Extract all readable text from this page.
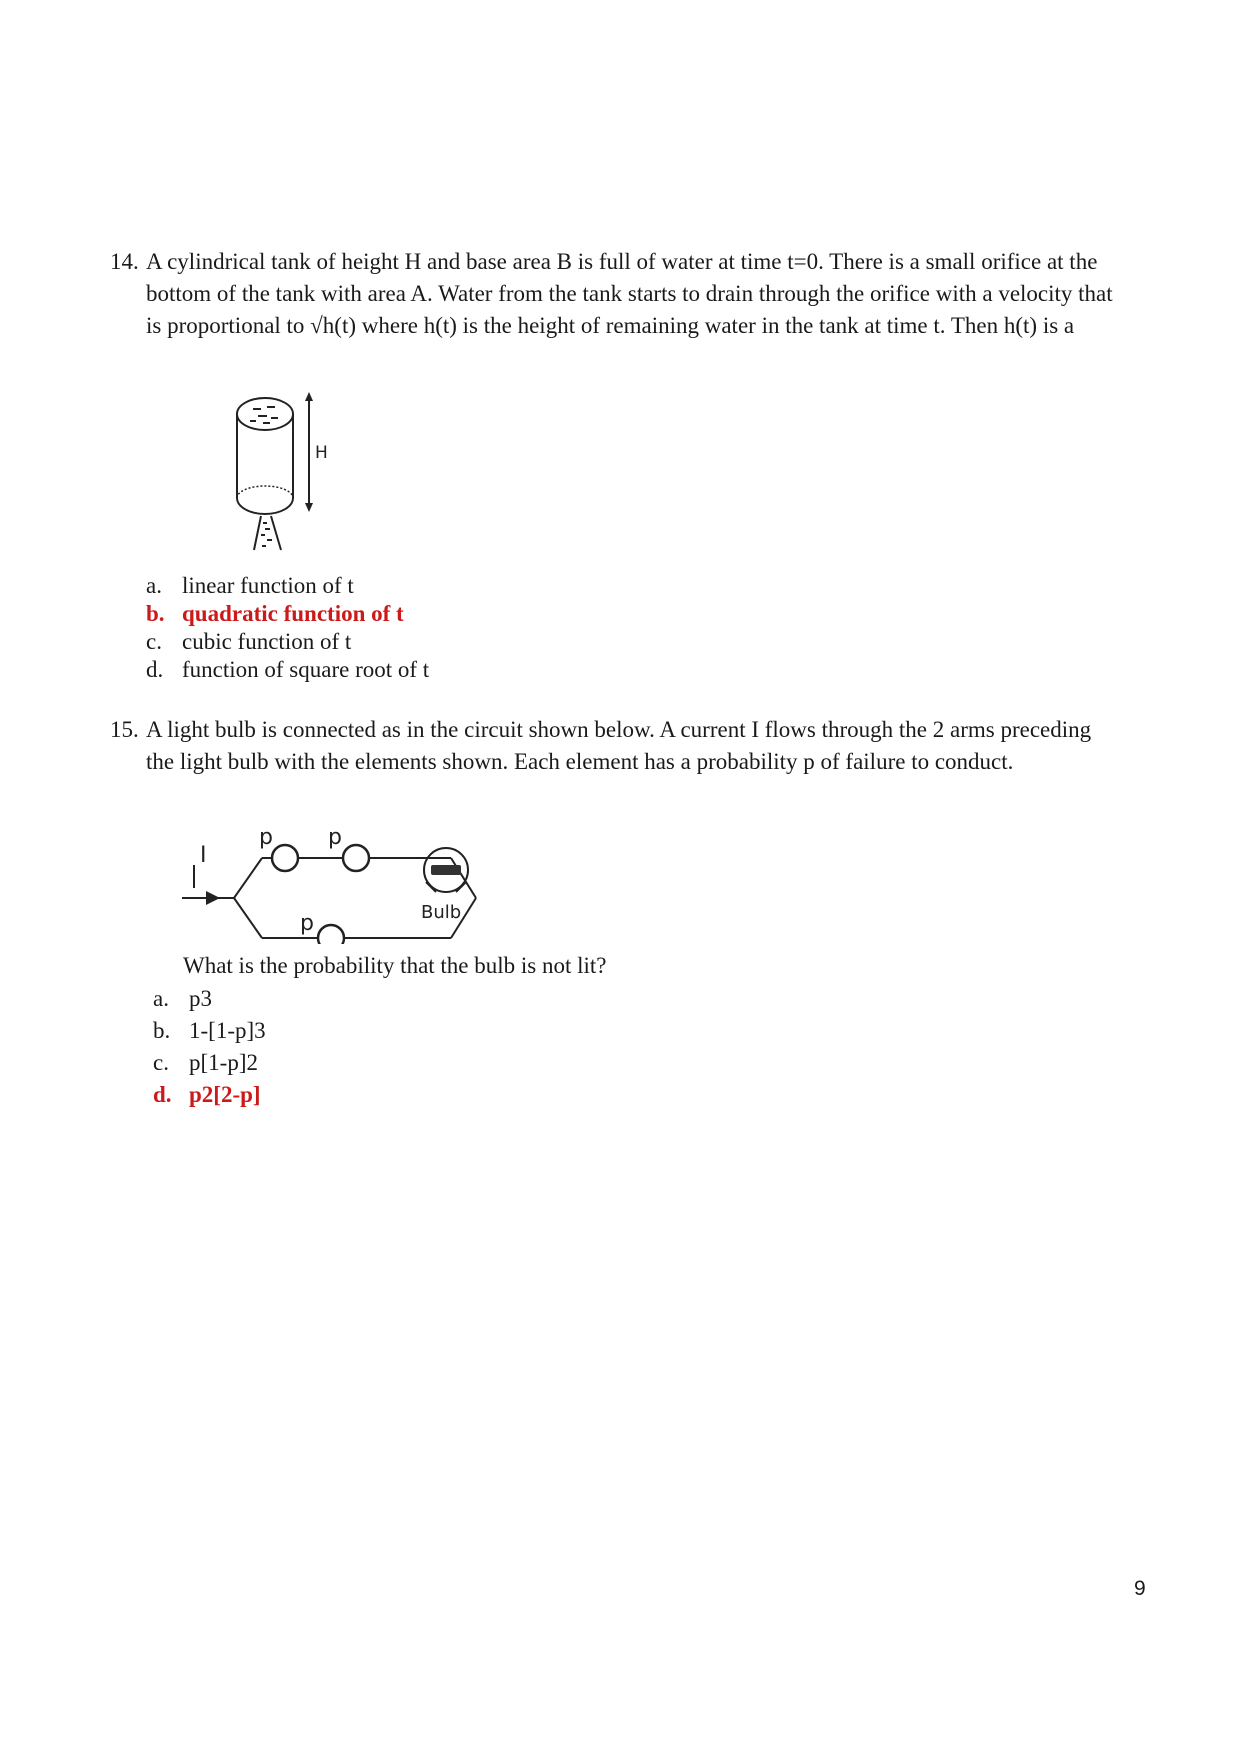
14. A cylindrical tank of height H and base area B is full of water at time t=0. There is a small orifice at the bottom of the tank with area A. Water from the tank starts to drain through the orifice with a velocity that is proportional to √h(t) where h(t) is the height of remaining water in the tank at time t. Then h(t) is a
H
a. linear function of t
b. quadratic function of t
c. cubic function of t
d. function of square root of t
15. A light bulb is connected as in the circuit shown below. A current I flows through the 2 arms preceding the light bulb with the elements shown. Each element has a probability p of failure to conduct.
p	p
p
I
Bulb
What is the probability that the bulb is not lit?
a. p3
b. 1-[1-p]3
c. p[1-p]2
d. p2[2-p]
9
